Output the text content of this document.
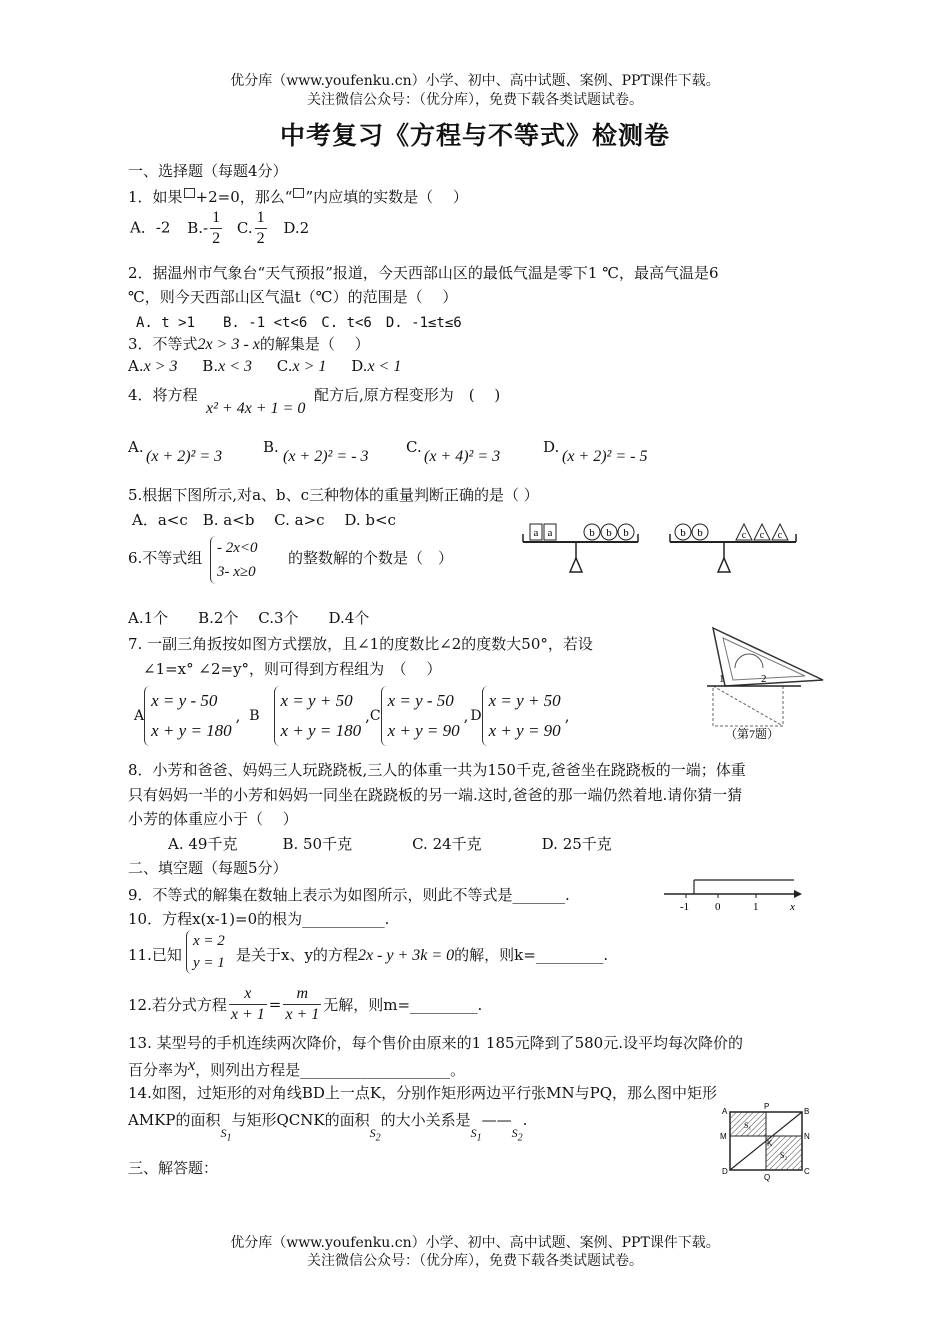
优分库（www.youfenku.cn）小学、初中、高中试题、案例、PPT课件下载。
关注微信公众号：（优分库），免费下载各类试题试卷。
中考复习《方程与不等式》检测卷
一、选择题（每题4分）
1．如果 +2=0，那么“ ”内应填的实数是（　 ）
A．-2 $B.- \frac{1}{2} C$. $\frac{1}{2} D.2$
2．据温州市气象台“天气预报”报道，今天西部山区的最低气温是零下1 ℃，最高气温是6
℃，则今天西部山区气温t（℃）的范围是（　 ）
A. t >1　　B. -1 <t<6　C. t<6　D. -1≤t≤6
3．不等式2x > 3 - x的解集是（　 ）
A.x > 3 B.x < 3 C.x > 1 D.x < 1
4．将方程
x² + 4x + 1 = 0
配方后,原方程变形为　(　 )
A.
(x + 2)² = 3
B.
(x + 2)² = - 3
C.
(x + 4)² = 3
D.
(x + 2)² = - 5
5.根据下图所示,对a、b、c三种物体的重量判断正确的是（ ）
A．a<c　B. a<b　 C. a>c　 D. b<c
a a	b b b	b b	c c c
6.不等式组
- 2x<0
3- x≥0
的整数解的个数是（　）
A.1个　　B.2个　 C.3个　　D.4个
7. 一副三角扳按如图方式摆放，且∠1的度数比∠2的度数大50°，若设
∠1=x° ∠2=y°，则可得到方程组为　（　 ）
A
x = y - 50
x + y = 180
, B
x = y + 50
x + y = 180
,C
x = y - 50
x + y = 90
, D
x = y + 50
x + y = 90
,
1	2
（第7题）
8．小芳和爸爸、妈妈三人玩跷跷板,三人的体重一共为150千克,爸爸坐在跷跷板的一端；体重
只有妈妈一半的小芳和妈妈一同坐在跷跷板的另一端.这时,爸爸的那一端仍然着地.请你猜一猜
小芳的体重应小于（　 ）
A. 49千克　　　B. 50千克　　　　C. 24千克　　　　D. 25千克
二、填空题（每题5分）
9．不等式的解集在数轴上表示为如图所示，则此不等式是_______.
-1 0	1	x
10．方程x(x-1)=0的根为___________.
11.已知
x = 2
y = 1 是关于x、y的方程2x - y + 3k = 0的解，则k=_________.
12.若分式方程 $\frac{x}{x + 1} = \frac{m}{x + 1}$ 无解，则m=_________.
13. 某型号的手机连续两次降价，每个售价由原来的1 185元降到了580元.设平均每次降价的
百分率为x，则列出方程是____________________。
14.如图，过矩形的对角线BD上一点K，分别作矩形两边平行张MN与PQ，那么图中矩形
AMKP的面积$S_1$与矩形QCNK的面积$S_2$的大小关系是$S_1——S_2$.	A
P
B
M	N
K
D
Q
C
S₁
S₂
三、解答题：
优分库（www.youfenku.cn）小学、初中、高中试题、案例、PPT课件下载。
关注微信公众号：（优分库），免费下载各类试题试卷。
